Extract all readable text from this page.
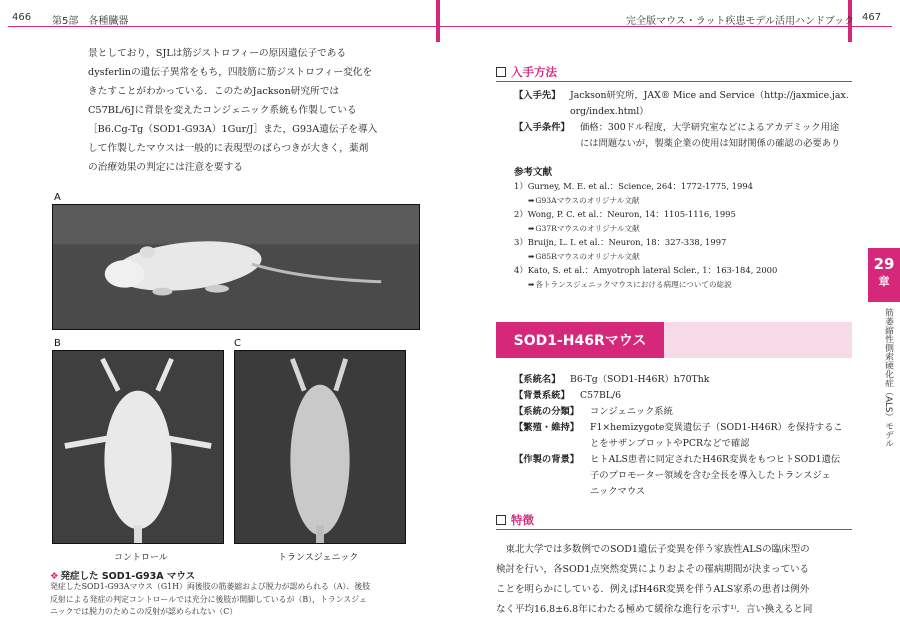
466 第5部　各種臓器	完全版マウス・ラット疾患モデル活用ハンドブック 467
景としており，SJLは筋ジストロフィーの原因遺伝子である
dysferlinの遺伝子異常をもち，四肢筋に筋ジストロフィー変化を
きたすことがわかっている．このためJackson研究所では
C57BL/6Jに背景を変えたコンジェニック系統も作製している
［B6.Cg-Tg（SOD1-G93A）1Gur/J］また，G93A遺伝子を導入
して作製したマウスは一般的に表現型のばらつきが大きく，薬剤
の治療効果の判定には注意を要する
A
B
コントロール
C
トランスジェニック
❖ 発症した SOD1-G93A マウス
発症したSOD1-G93Aマウス（G1H）両後肢の筋萎縮および脱力が認められる（A）．後肢
反射による発症の判定コントロールでは充分に後肢が開脚しているが（B），トランスジェ
ニックでは脱力のためこの反射が認められない（C）
入手方法
【入手先】 Jackson研究所，JAX® Mice and Service（http://jaxmice.jax.
org/index.html）
【入手条件】 価格：300ドル程度，大学研究室などによるアカデミック用途
には問題ないが，製薬企業の使用は知財関係の確認の必要あり
参考文献
1）Gurney, M. E. et al.：Science, 264：1772-1775, 1994
➡G93Aマウスのオリジナル文献
2）Wong, P. C. et al.：Neuron, 14：1105-1116, 1995
➡G37Rマウスのオリジナル文献
3）Bruijn, L. I. et al.：Neuron, 18：327-338, 1997
➡G85Rマウスのオリジナル文献
4）Kato, S. et al.：Amyotroph lateral Scler., 1：163-184, 2000
➡各トランスジェニックマウスにおける病理についての総説
SOD1-H46Rマウス
【系統名】 B6-Tg（SOD1-H46R）h70Thk
【背景系統】 C57BL/6
【系統の分類】 コンジェニック系統
【繁殖・維持】 F1×hemizygote変異遺伝子（SOD1-H46R）を保持するこ
とをサザンブロットやPCRなどで確認
【作製の背景】 ヒトALS患者に同定されたH46R変異をもつヒトSOD1遺伝
子のプロモーター領域を含む全長を導入したトランスジェ
ニックマウス
特徴
東北大学では多数例でのSOD1遺伝子変異を伴う家族性ALSの臨床型の
検討を行い，各SOD1点突然変異によりおよその罹病期間が決まっている
ことを明らかにしている．例えばH46R変異を伴うALS家系の患者は例外
なく平均16.8±6.8年にわたる極めて緩徐な進行を示す¹⁾．言い換えると同
29
章
筋萎縮性側索硬化症（ALS）モデル
